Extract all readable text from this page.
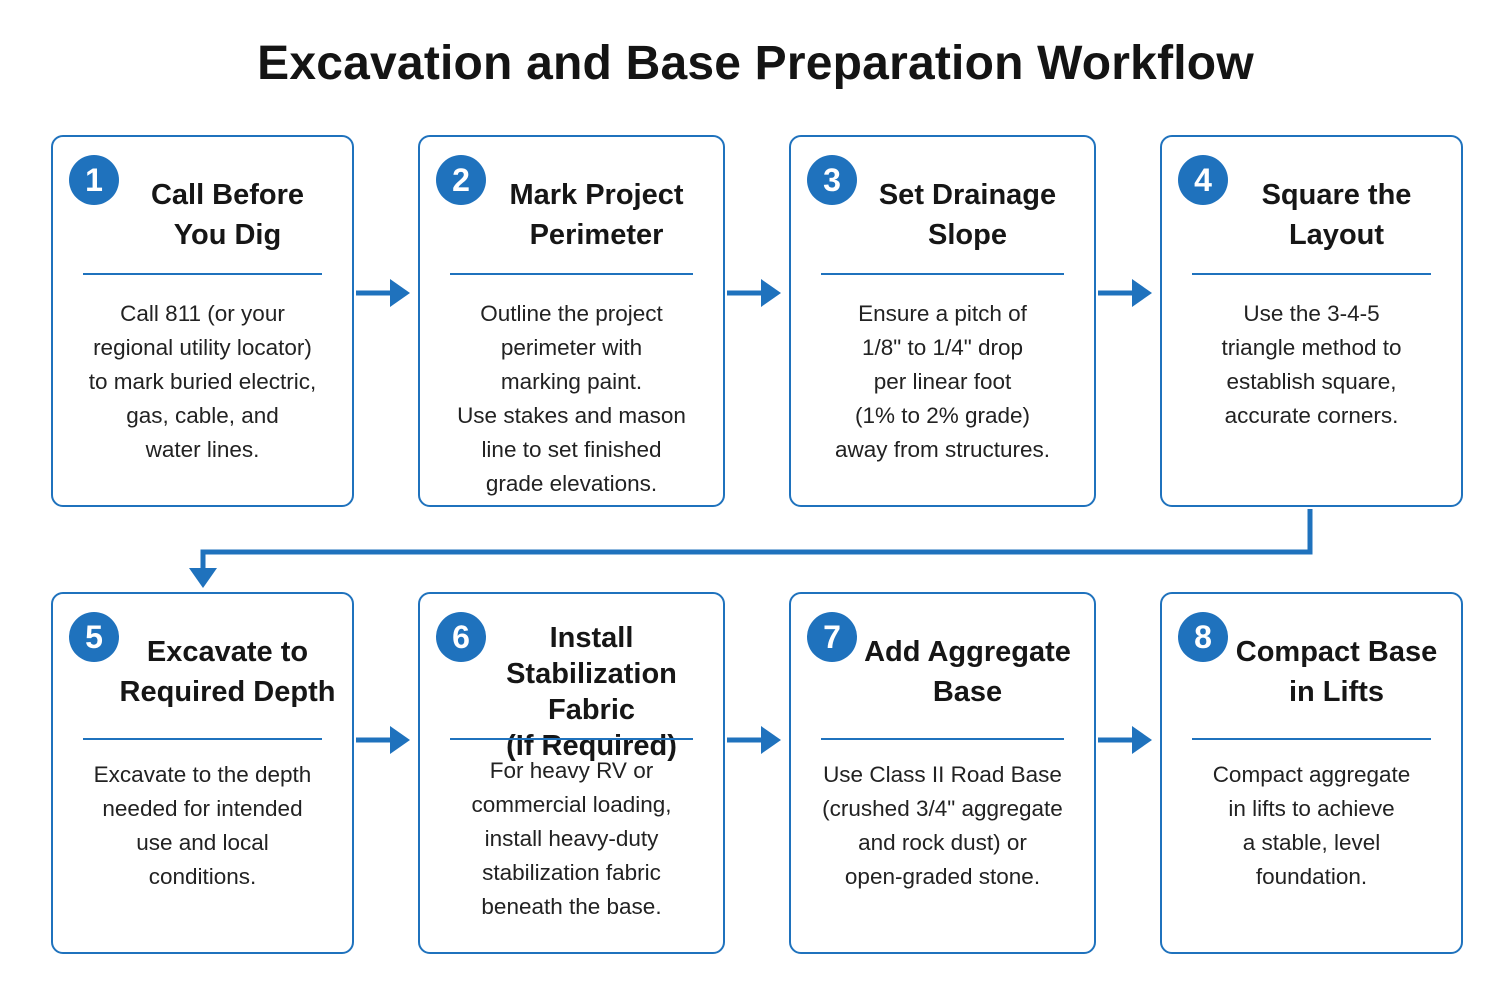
Excavation and Base Preparation Workflow
1	Call Before
You Dig
Call 811 (or your
regional utility locator)
to mark buried electric,
gas, cable, and
water lines.
2	Mark Project
Perimeter
Outline the project
perimeter with
marking paint.
Use stakes and mason
line to set finished
grade elevations.
3	Set Drainage
Slope
Ensure a pitch of
1/8" to 1/4" drop
per linear foot
(1% to 2% grade)
away from structures.
4	Square the
Layout
Use the 3-4-5
triangle method to
establish square,
accurate corners.
5	Excavate to
Required Depth
Excavate to the depth
needed for intended
use and local
conditions.
6	Install
Stabilization Fabric
(If Required)
For heavy RV or
commercial loading,
install heavy-duty
stabilization fabric
beneath the base.
7 Add Aggregate
Base
Use Class II Road Base
(crushed 3/4" aggregate
and rock dust) or
open-graded stone.
8 Compact Base
in Lifts
Compact aggregate
in lifts to achieve
a stable, level
foundation.
